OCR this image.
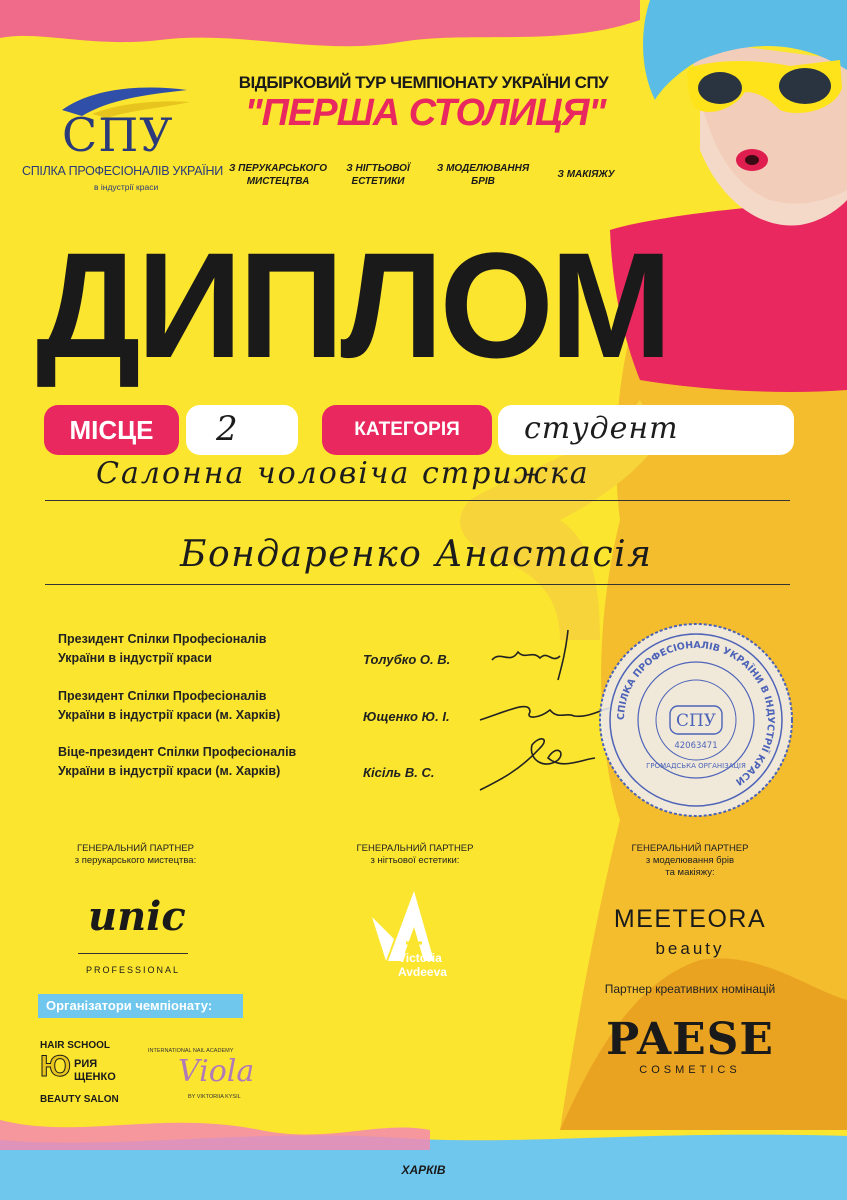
СПУ
СПІЛКА ПРОФЕСІОНАЛІВ УКРАЇНИ
в індустрії краси
ВІДБІРКОВИЙ ТУР ЧЕМПІОНАТУ УКРАЇНИ СПУ
"ПЕРША СТОЛИЦЯ"
З ПЕРУКАРСЬКОГО
МИСТЕЦТВА
З НІГТЬОВОЇ
ЕСТЕТИКИ
З МОДЕЛЮВАННЯ
БРІВ
З МАКІЯЖУ
ДИПЛОМ
МІСЦЕ	2	КАТЕГОРІЯ	студент
Салонна чоловіча стрижка
Бондаренко Анастасія
Президент Спілки Професіоналів
України в індустрії краси	Толубко О. В.
Президент Спілки Професіоналів
України в індустрії краси (м. Харків)	Ющенко Ю. І.
Віце-президент Спілки Професіоналів
України в індустрії краси (м. Харків)	Кісіль В. С.
СПІЛКА ПРОФЕСІОНАЛІВ УКРАЇНИ В ІНДУСТРІЇ КРАСИ
СПУ
42063471
ГРОМАДСЬКА ОРГАНІЗАЦІЯ
ГЕНЕРАЛЬНИЙ ПАРТНЕР
з перукарського мистецтва:
unic
PROFESSIONAL
ГЕНЕРАЛЬНИЙ ПАРТНЕР
з нігтьової естетики:
Victoria
Avdeeva
ГЕНЕРАЛЬНИЙ ПАРТНЕР
з моделювання брів
та макіяжу:
MEETEORA
beauty
Партнер креативних номінацій
PAESE
COSMETICS
Організатори чемпіонату:
HAIR SCHOOL
Ю РИЯ
ЩЕНКО
BEAUTY SALON
INTERNATIONAL NAIL ACADEMY
Viola
BY VIKTORIIA KYSIL
ХАРКІВ
